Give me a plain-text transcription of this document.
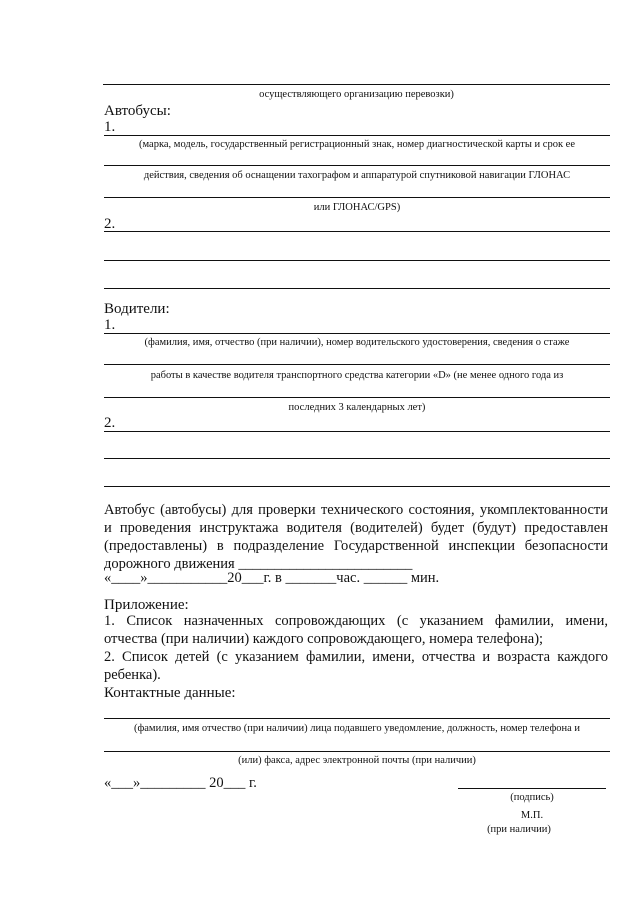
осуществляющего организацию перевозки)
Автобусы:
1.
(марка, модель, государственный регистрационный знак, номер диагностической карты и срок ее
действия, сведения об оснащении тахографом и аппаратурой спутниковой навигации ГЛОНАС
или ГЛОНАС/GPS)
2.
Водители:
1.
(фамилия, имя, отчество (при наличии), номер водительского удостоверения, сведения о стаже
работы в качестве водителя транспортного средства категории «D» (не менее одного года из
последних 3 календарных лет)
2.

Автобус (автобусы) для проверки технического состояния, укомплектованности и проведения инструктажа водителя (водителей) будет (будут) предоставлен (предоставлены) в подразделение Государственной инспекции безопасности дорожного движения ________________________

«____»___________20___г. в _______час. ______ мин.
Приложение:

1. Список назначенных сопровождающих (с указанием фамилии, имени, отчества (при наличии) каждого сопровождающего, номера телефона);

2. Список детей (с указанием фамилии, имени, отчества и возраста каждого ребенка).

Контактные данные:
(фамилия, имя отчество (при наличии) лица подавшего уведомление, должность, номер телефона и
(или) факса, адрес электронной почты (при наличии)
«___»_________ 20___ г.
(подпись)
М.П.
(при наличии)
